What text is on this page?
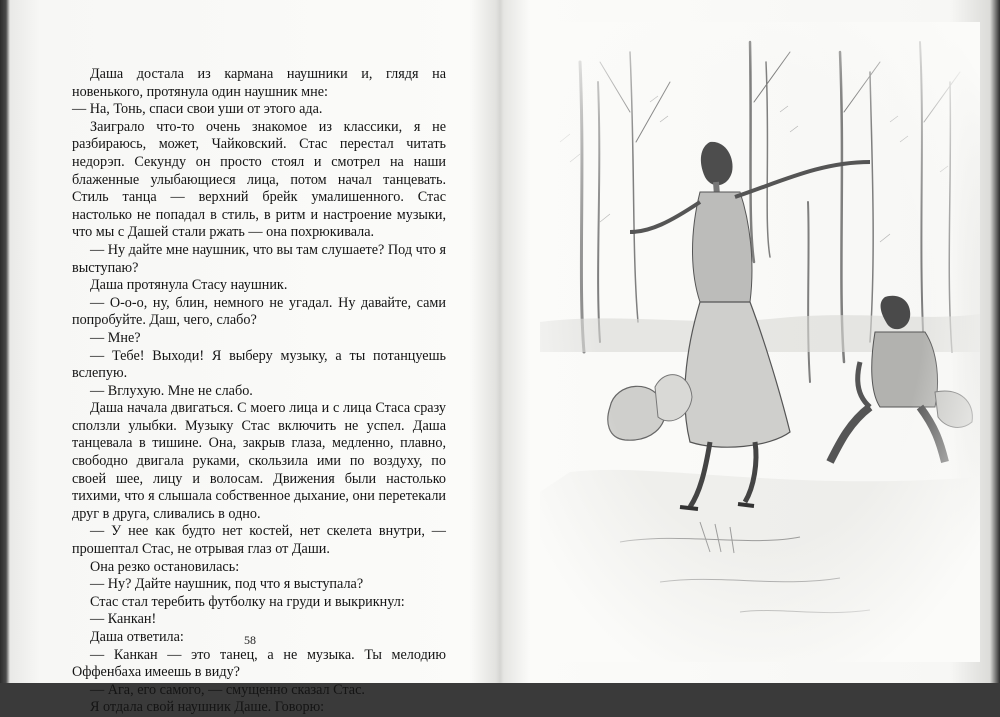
Даша достала из кармана наушники и, глядя на новенького, протянула один наушник мне:

— На, Тонь, спаси свои уши от этого ада.

Заиграло что-то очень знакомое из классики, я не разбираюсь, может, Чайковский. Стас перестал читать недорэп. Секунду он просто стоял и смотрел на наши блаженные улыбающиеся лица, потом начал танцевать. Стиль танца — верхний брейк умалишенного. Стас настолько не попадал в стиль, в ритм и настроение музыки, что мы с Дашей стали ржать — она похрюкивала.

— Ну дайте мне наушник, что вы там слушаете? Под что я выступаю?

Даша протянула Стасу наушник.

— О-о-о, ну, блин, немного не угадал. Ну давайте, сами попробуйте. Даш, чего, слабо?

— Мне?

— Тебе! Выходи! Я выберу музыку, а ты потанцуешь вслепую.

— Вглухую. Мне не слабо.

Даша начала двигаться. С моего лица и с лица Стаса сразу сползли улыбки. Музыку Стас включить не успел. Даша танцевала в тишине. Она, закрыв глаза, медленно, плавно, свободно двигала руками, скользила ими по воздуху, по своей шее, лицу и волосам. Движения были настолько тихими, что я слышала собственное дыхание, они перетекали друг в друга, сливались в одно.

— У нее как будто нет костей, нет скелета внутри, — прошептал Стас, не отрывая глаз от Даши.

Она резко остановилась:

— Ну? Дайте наушник, под что я выступала?

Стас стал теребить футболку на груди и выкрикнул:

— Канкан!

Даша ответила:

— Канкан — это танец, а не музыка. Ты мелодию Оффенбаха имеешь в виду?

— Ага, его самого, — смущенно сказал Стас.

Я отдала свой наушник Даше. Говорю:

58
